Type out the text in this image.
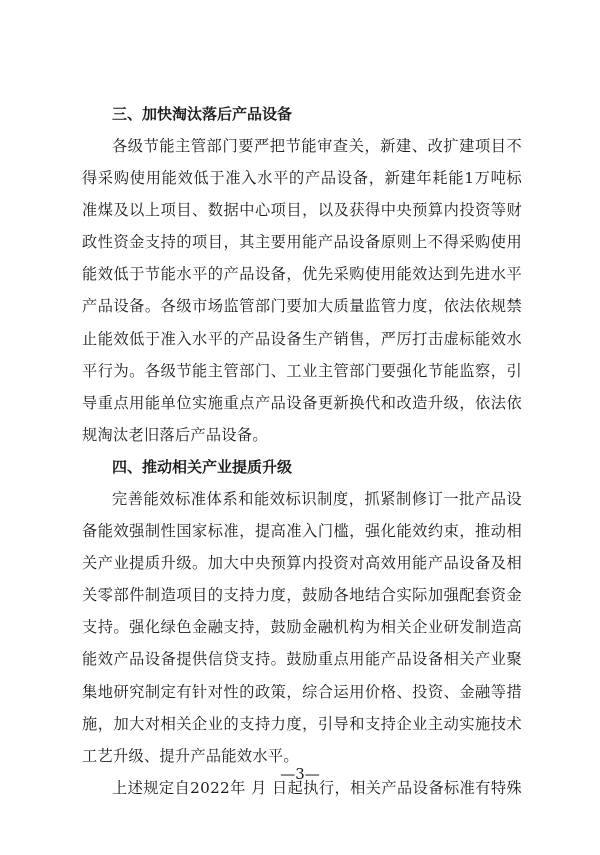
三、加快淘汰落后产品设备

各级节能主管部门要严把节能审查关，新建、改扩建项目不得采购使用能效低于准入水平的产品设备，新建年耗能1万吨标准煤及以上项目、数据中心项目，以及获得中央预算内投资等财政性资金支持的项目，其主要用能产品设备原则上不得采购使用能效低于节能水平的产品设备，优先采购使用能效达到先进水平产品设备。各级市场监管部门要加大质量监管力度，依法依规禁止能效低于准入水平的产品设备生产销售，严厉打击虚标能效水平行为。各级节能主管部门、工业主管部门要强化节能监察，引导重点用能单位实施重点产品设备更新换代和改造升级，依法依规淘汰老旧落后产品设备。

四、推动相关产业提质升级

完善能效标准体系和能效标识制度，抓紧制修订一批产品设备能效强制性国家标准，提高准入门槛，强化能效约束，推动相关产业提质升级。加大中央预算内投资对高效用能产品设备及相关零部件制造项目的支持力度，鼓励各地结合实际加强配套资金支持。强化绿色金融支持，鼓励金融机构为相关企业研发制造高能效产品设备提供信贷支持。鼓励重点用能产品设备相关产业聚集地研究制定有针对性的政策，综合运用价格、投资、金融等措施，加大对相关企业的支持力度，引导和支持企业主动实施技术工艺升级、提升产品能效水平。

上述规定自2022年 月 日起执行，相关产品设备标准有特殊

—3—
